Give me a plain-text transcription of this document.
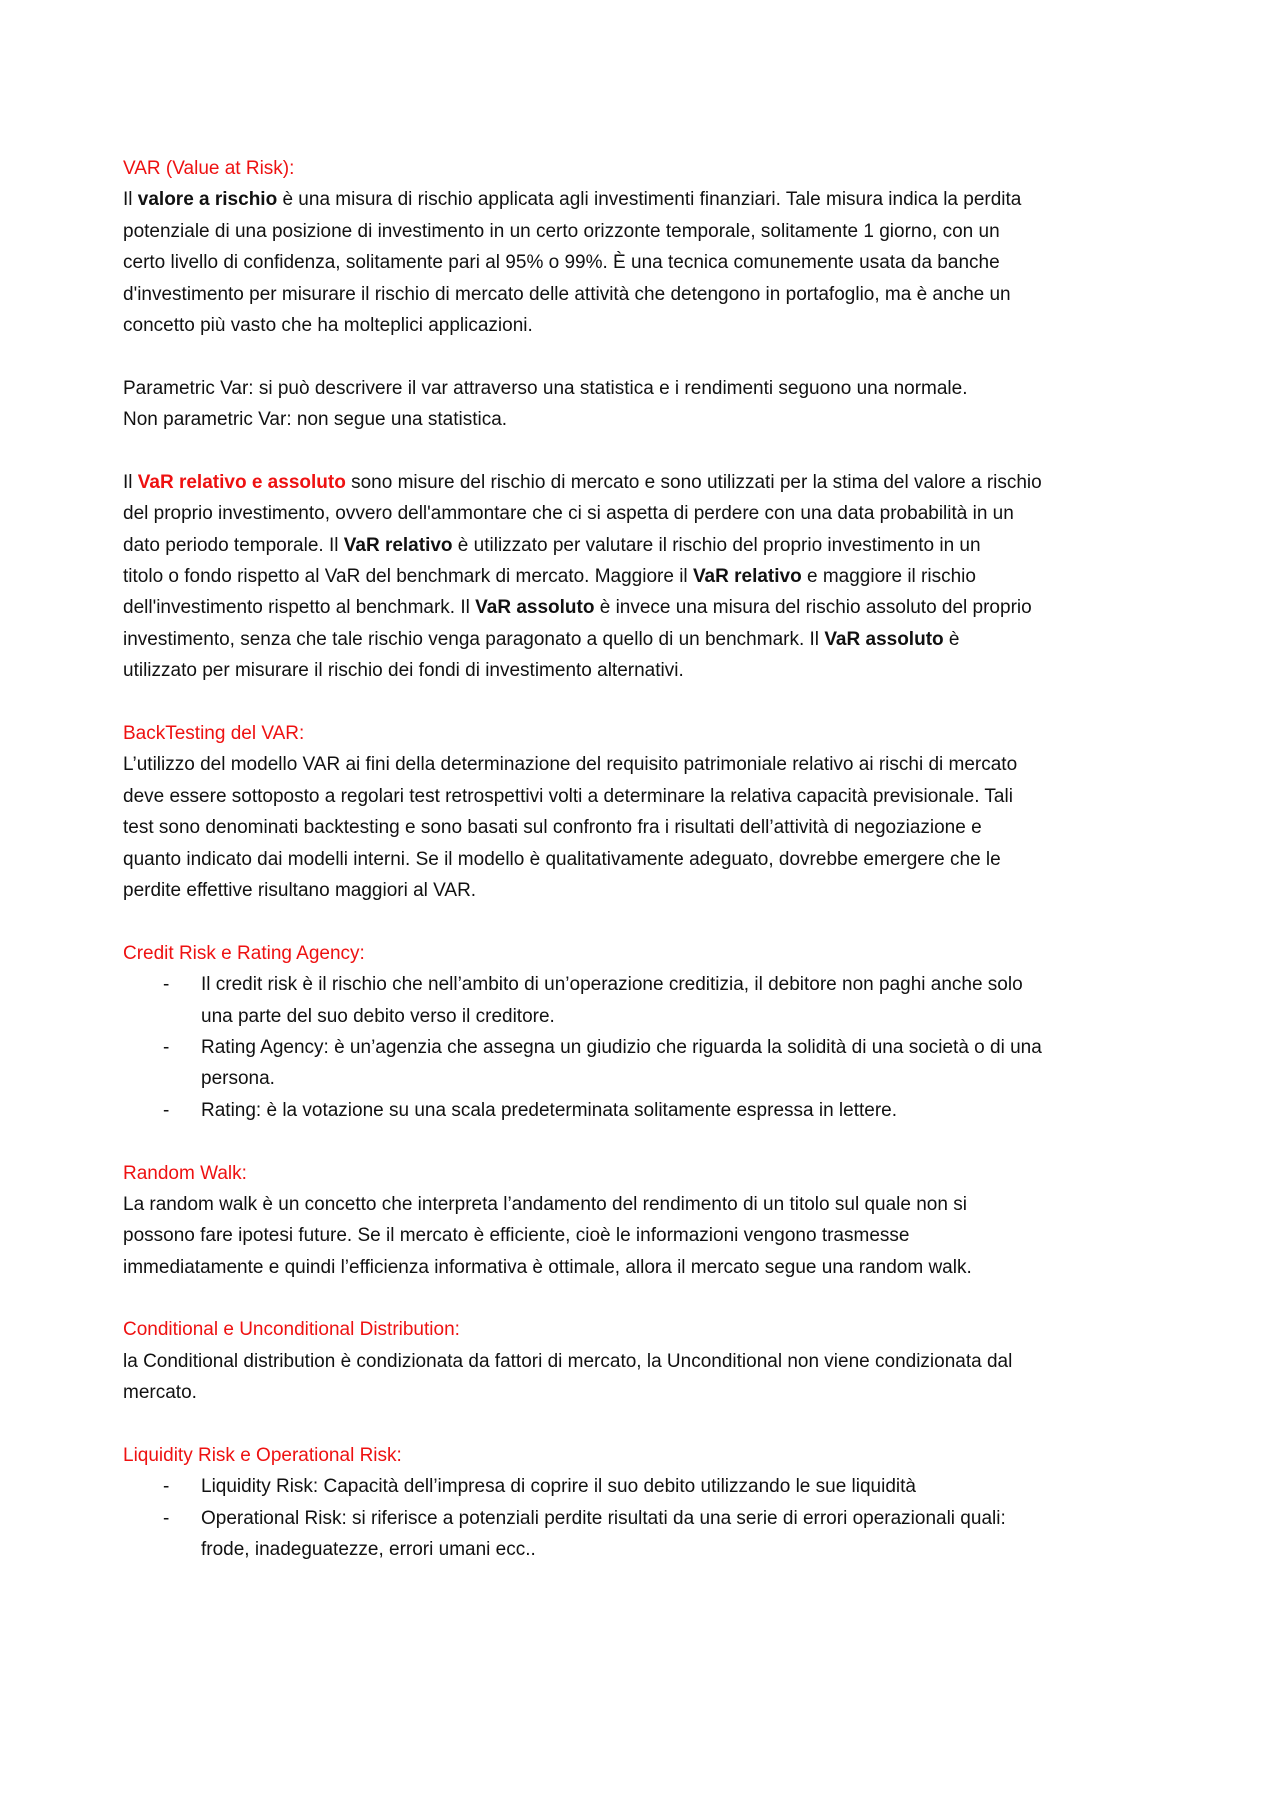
VAR (Value at Risk):
Il valore a rischio è una misura di rischio applicata agli investimenti finanziari. Tale misura indica la perdita
potenziale di una posizione di investimento in un certo orizzonte temporale, solitamente 1 giorno, con un
certo livello di confidenza, solitamente pari al 95% o 99%. È una tecnica comunemente usata da banche
d'investimento per misurare il rischio di mercato delle attività che detengono in portafoglio, ma è anche un
concetto più vasto che ha molteplici applicazioni.
Parametric Var: si può descrivere il var attraverso una statistica e i rendimenti seguono una normale.
Non parametric Var: non segue una statistica.
Il VaR relativo e assoluto sono misure del rischio di mercato e sono utilizzati per la stima del valore a rischio
del proprio investimento, ovvero dell'ammontare che ci si aspetta di perdere con una data probabilità in un
dato periodo temporale. Il VaR relativo è utilizzato per valutare il rischio del proprio investimento in un
titolo o fondo rispetto al VaR del benchmark di mercato. Maggiore il VaR relativo e maggiore il rischio
dell'investimento rispetto al benchmark. Il VaR assoluto è invece una misura del rischio assoluto del proprio
investimento, senza che tale rischio venga paragonato a quello di un benchmark. Il VaR assoluto è
utilizzato per misurare il rischio dei fondi di investimento alternativi.
BackTesting del VAR:
L’utilizzo del modello VAR ai fini della determinazione del requisito patrimoniale relativo ai rischi di mercato
deve essere sottoposto a regolari test retrospettivi volti a determinare la relativa capacità previsionale. Tali
test sono denominati backtesting e sono basati sul confronto fra i risultati dell’attività di negoziazione e
quanto indicato dai modelli interni. Se il modello è qualitativamente adeguato, dovrebbe emergere che le
perdite effettive risultano maggiori al VAR.
Credit Risk e Rating Agency:
- Il credit risk è il rischio che nell’ambito di un’operazione creditizia, il debitore non paghi anche solo
una parte del suo debito verso il creditore.
- Rating Agency: è un’agenzia che assegna un giudizio che riguarda la solidità di una società o di una
persona.
- Rating: è la votazione su una scala predeterminata solitamente espressa in lettere.
Random Walk:
La random walk è un concetto che interpreta l’andamento del rendimento di un titolo sul quale non si
possono fare ipotesi future. Se il mercato è efficiente, cioè le informazioni vengono trasmesse
immediatamente e quindi l’efficienza informativa è ottimale, allora il mercato segue una random walk.
Conditional e Unconditional Distribution:
la Conditional distribution è condizionata da fattori di mercato, la Unconditional non viene condizionata dal
mercato.
Liquidity Risk e Operational Risk:
- Liquidity Risk: Capacità dell’impresa di coprire il suo debito utilizzando le sue liquidità
- Operational Risk: si riferisce a potenziali perdite risultati da una serie di errori operazionali quali:
frode, inadeguatezze, errori umani ecc..
